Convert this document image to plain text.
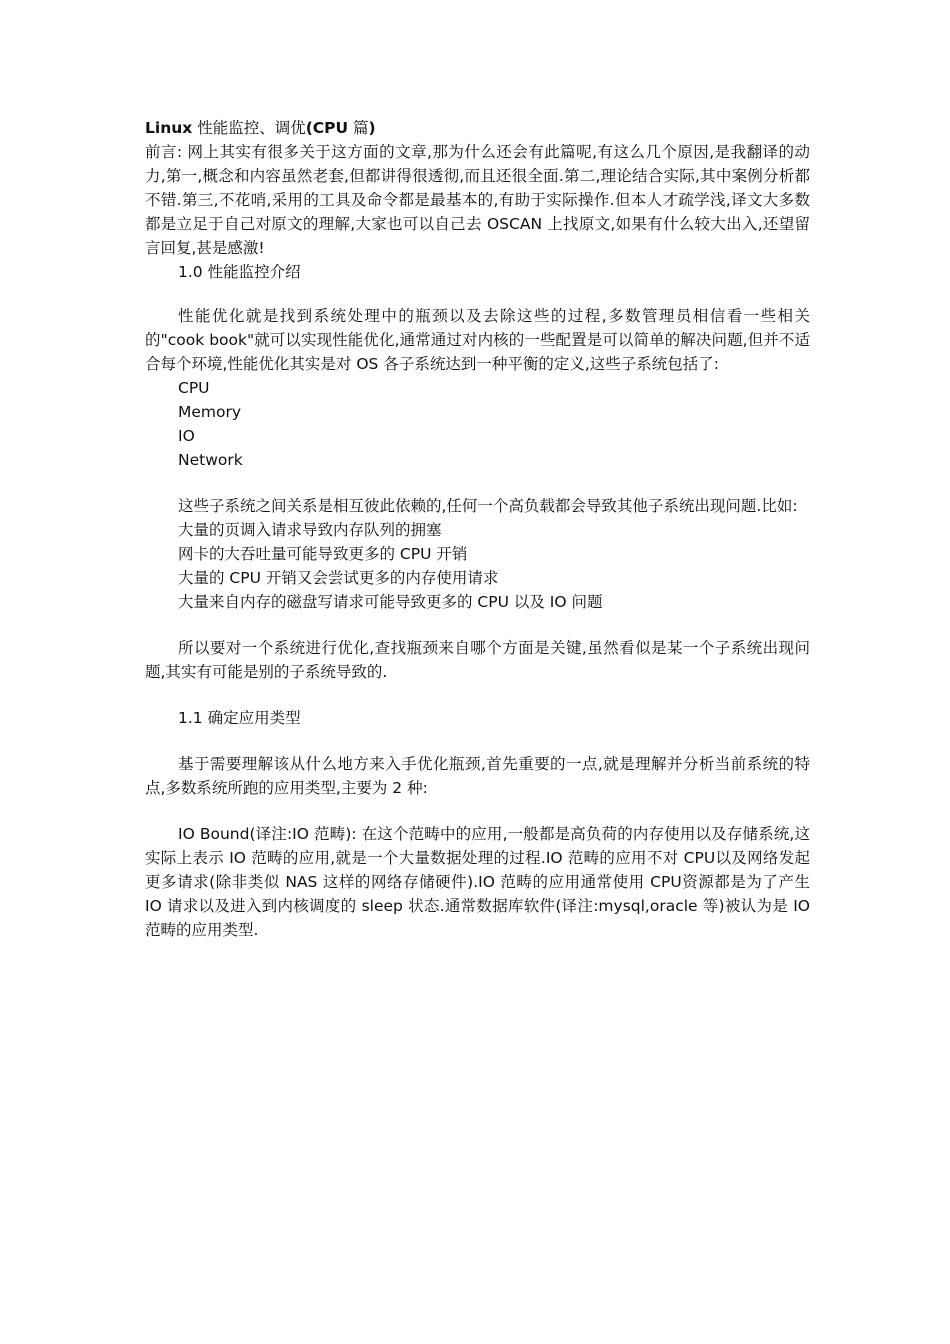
Linux 性能监控、调优(CPU 篇)

前言: 网上其实有很多关于这方面的文章,那为什么还会有此篇呢,有这么几个原因,是我翻译的动力,第一,概念和内容虽然老套,但都讲得很透彻,而且还很全面.第二,理论结合实际,其中案例分析都不错.第三,不花哨,采用的工具及命令都是最基本的,有助于实际操作.但本人才疏学浅,译文大多数都是立足于自己对原文的理解,大家也可以自己去 OSCAN 上找原文,如果有什么较大出入,还望留言回复,甚是感激!

1.0 性能监控介绍

性能优化就是找到系统处理中的瓶颈以及去除这些的过程,多数管理员相信看一些相关的"cook book"就可以实现性能优化,通常通过对内核的一些配置是可以简单的解决问题,但并不适合每个环境,性能优化其实是对 OS 各子系统达到一种平衡的定义,这些子系统包括了:

CPU

Memory

IO

Network

这些子系统之间关系是相互彼此依赖的,任何一个高负载都会导致其他子系统出现问题.比如:

大量的页调入请求导致内存队列的拥塞

网卡的大吞吐量可能导致更多的 CPU 开销

大量的 CPU 开销又会尝试更多的内存使用请求

大量来自内存的磁盘写请求可能导致更多的 CPU 以及 IO 问题

所以要对一个系统进行优化,查找瓶颈来自哪个方面是关键,虽然看似是某一个子系统出现问题,其实有可能是别的子系统导致的.

1.1 确定应用类型

基于需要理解该从什么地方来入手优化瓶颈,首先重要的一点,就是理解并分析当前系统的特点,多数系统所跑的应用类型,主要为 2 种:

IO Bound(译注:IO 范畴): 在这个范畴中的应用,一般都是高负荷的内存使用以及存储系统,这实际上表示 IO 范畴的应用,就是一个大量数据处理的过程.IO 范畴的应用不对 CPU以及网络发起更多请求(除非类似 NAS 这样的网络存储硬件).IO 范畴的应用通常使用 CPU资源都是为了产生 IO 请求以及进入到内核调度的 sleep 状态.通常数据库软件(译注:mysql,oracle 等)被认为是 IO 范畴的应用类型.
